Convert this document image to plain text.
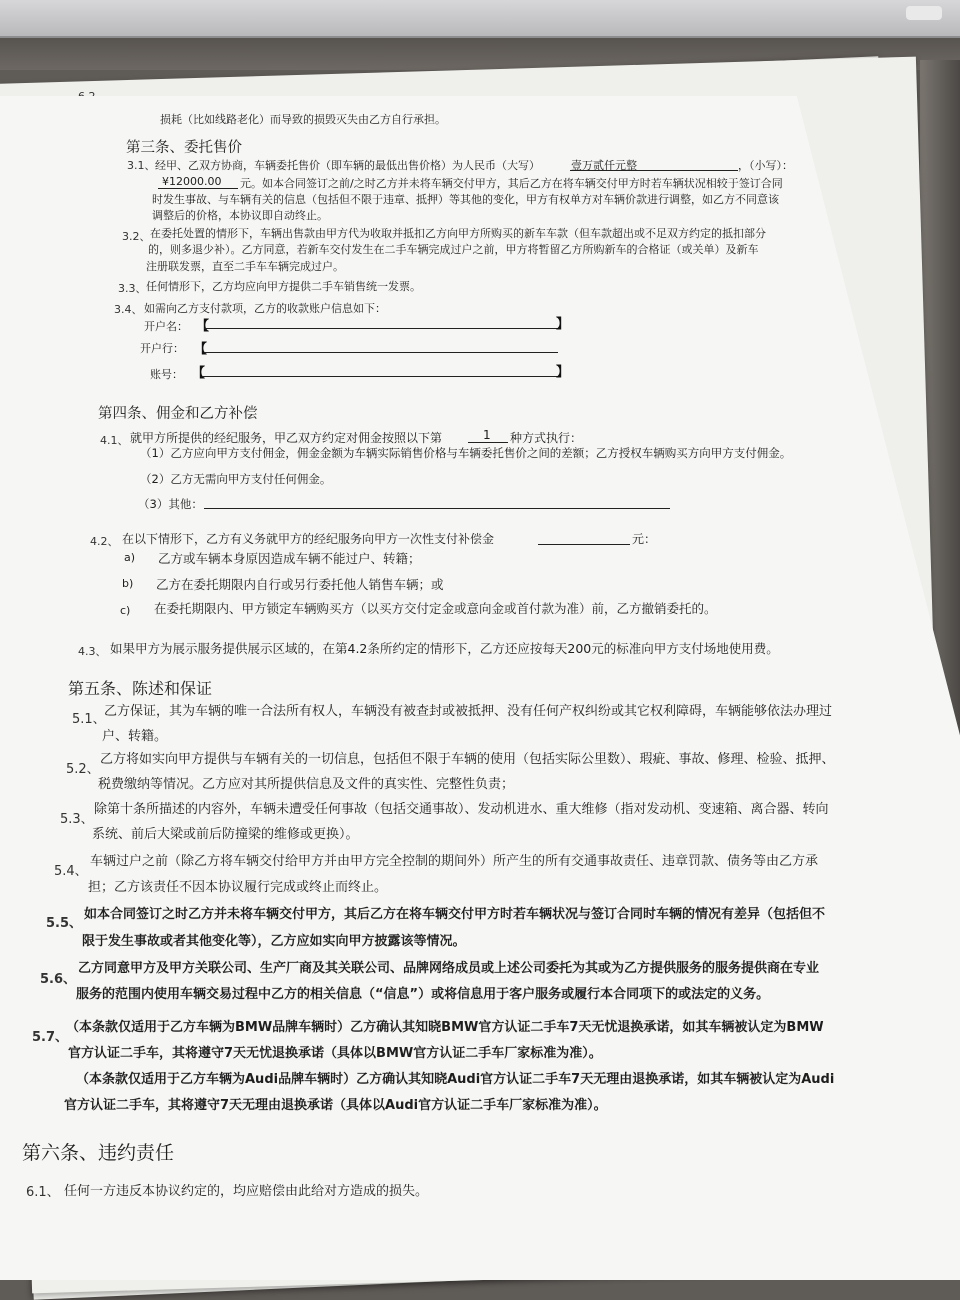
损耗（比如线路老化）而导致的损毁灭失由乙方自行承担。
第三条、委托售价
3.1、 经甲、乙双方协商，车辆委托售价（即车辆的最低出售价格）为人民币（大写）	壹万贰仟元整	，（小写）：
¥12000.00 元。如本合同签订之前/之时乙方并未将车辆交付甲方，其后乙方在将车辆交付甲方时若车辆状况相较于签订合同
时发生事故、与车辆有关的信息（包括但不限于违章、抵押）等其他的变化，甲方有权单方对车辆价款进行调整，如乙方不同意该
调整后的价格，本协议即自动终止。
3.2、 在委托处置的情形下，车辆出售款由甲方代为收取并抵扣乙方向甲方所购买的新车车款（但车款超出或不足双方约定的抵扣部分
的，则多退少补）。乙方同意，若新车交付发生在二手车辆完成过户之前，甲方将暂留乙方所购新车的合格证（或关单）及新车
注册联发票，直至二手车车辆完成过户。
3.3、 任何情形下，乙方均应向甲方提供二手车销售统一发票。
3.4、 如需向乙方支付款项，乙方的收款账户信息如下：
开户名： 【	】
开户行： 【
账号： 【	】
第四条、佣金和乙方补偿
4.1、 就甲方所提供的经纪服务，甲乙双方约定对佣金按照以下第	1 种方式执行：
（1）乙方应向甲方支付佣金，佣金金额为车辆实际销售价格与车辆委托售价之间的差额；乙方授权车辆购买方向甲方支付佣金。
（2）乙方无需向甲方支付任何佣金。
（3）其他：
4.2、 在以下情形下，乙方有义务就甲方的经纪服务向甲方一次性支付补偿金	元：
a) 乙方或车辆本身原因造成车辆不能过户、转籍；
b) 乙方在委托期限内自行或另行委托他人销售车辆；或
c) 在委托期限内、甲方锁定车辆购买方（以买方交付定金或意向金或首付款为准）前，乙方撤销委托的。
4.3、 如果甲方为展示服务提供展示区域的，在第4.2条所约定的情形下，乙方还应按每天200元的标准向甲方支付场地使用费。
第五条、陈述和保证
5.1、
乙方保证，其为车辆的唯一合法所有权人，车辆没有被查封或被抵押、没有任何产权纠纷或其它权利障碍，车辆能够依法办理过
户、转籍。
5.2、
乙方将如实向甲方提供与车辆有关的一切信息，包括但不限于车辆的使用（包括实际公里数）、瑕疵、事故、修理、检验、抵押、
税费缴纳等情况。乙方应对其所提供信息及文件的真实性、完整性负责；
5.3、
除第十条所描述的内容外，车辆未遭受任何事故（包括交通事故）、发动机进水、重大维修（指对发动机、变速箱、离合器、转向
系统、前后大梁或前后防撞梁的维修或更换）。
5.4、
车辆过户之前（除乙方将车辆交付给甲方并由甲方完全控制的期间外）所产生的所有交通事故责任、违章罚款、债务等由乙方承
担；乙方该责任不因本协议履行完成或终止而终止。
5.5、
如本合同签订之时乙方并未将车辆交付甲方，其后乙方在将车辆交付甲方时若车辆状况与签订合同时车辆的情况有差异（包括但不
限于发生事故或者其他变化等），乙方应如实向甲方披露该等情况。
5.6、
乙方同意甲方及甲方关联公司、生产厂商及其关联公司、品牌网络成员或上述公司委托为其或为乙方提供服务的服务提供商在专业
服务的范围内使用车辆交易过程中乙方的相关信息（“信息”）或将信息用于客户服务或履行本合同项下的或法定的义务。
5.7、
（本条款仅适用于乙方车辆为BMW品牌车辆时）乙方确认其知晓BMW官方认证二手车7天无忧退换承诺，如其车辆被认定为BMW
官方认证二手车，其将遵守7天无忧退换承诺（具体以BMW官方认证二手车厂家标准为准）。
（本条款仅适用于乙方车辆为Audi品牌车辆时）乙方确认其知晓Audi官方认证二手车7天无理由退换承诺，如其车辆被认定为Audi
官方认证二手车，其将遵守7天无理由退换承诺（具体以Audi官方认证二手车厂家标准为准）。
第六条、违约责任
6.1、 任何一方违反本协议约定的，均应赔偿由此给对方造成的损失。
